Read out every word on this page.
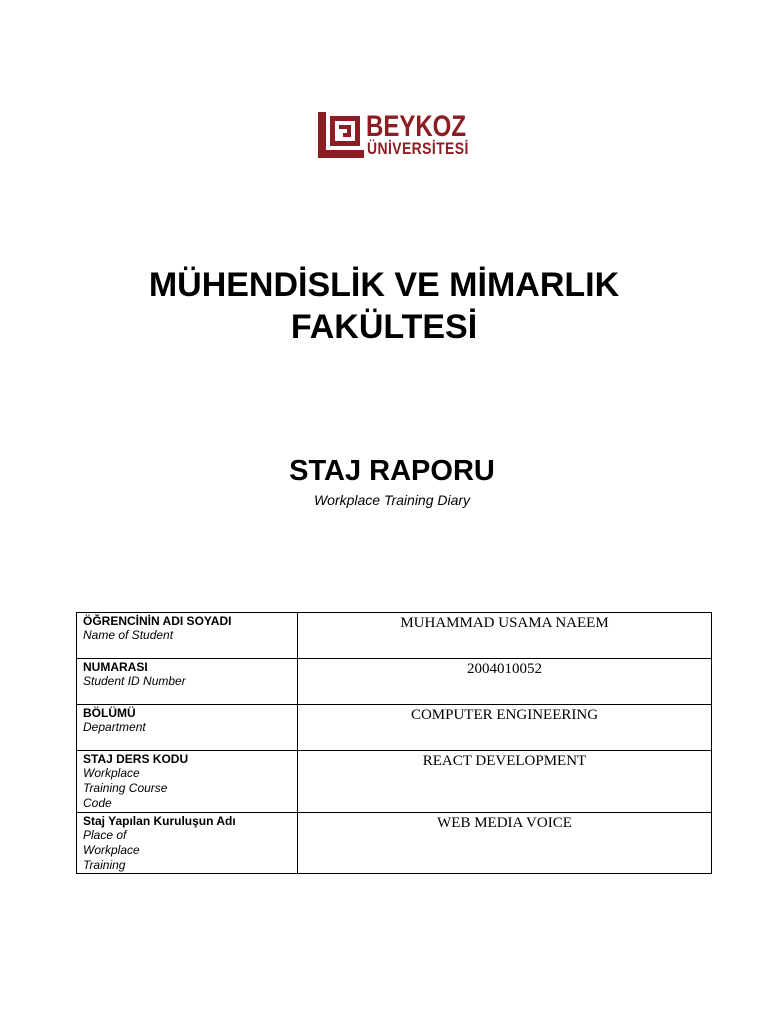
BEYKOZ
ÜNİVERSİTESİ
MÜHENDİSLİK VE MİMARLIK
FAKÜLTESİ
STAJ RAPORU
Workplace Training Diary
ÖĞRENCİNİN ADI SOYADI
Name of Student	MUHAMMAD USAMA NAEEM

NUMARASI
Student ID Number	2004010052

BÖLÜMÜ
Department	COMPUTER ENGINEERING

STAJ DERS KODU
Workplace
Training Course
Code	REACT DEVELOPMENT

Staj Yapılan Kuruluşun Adı
Place of
Workplace
Training	WEB MEDIA VOICE
